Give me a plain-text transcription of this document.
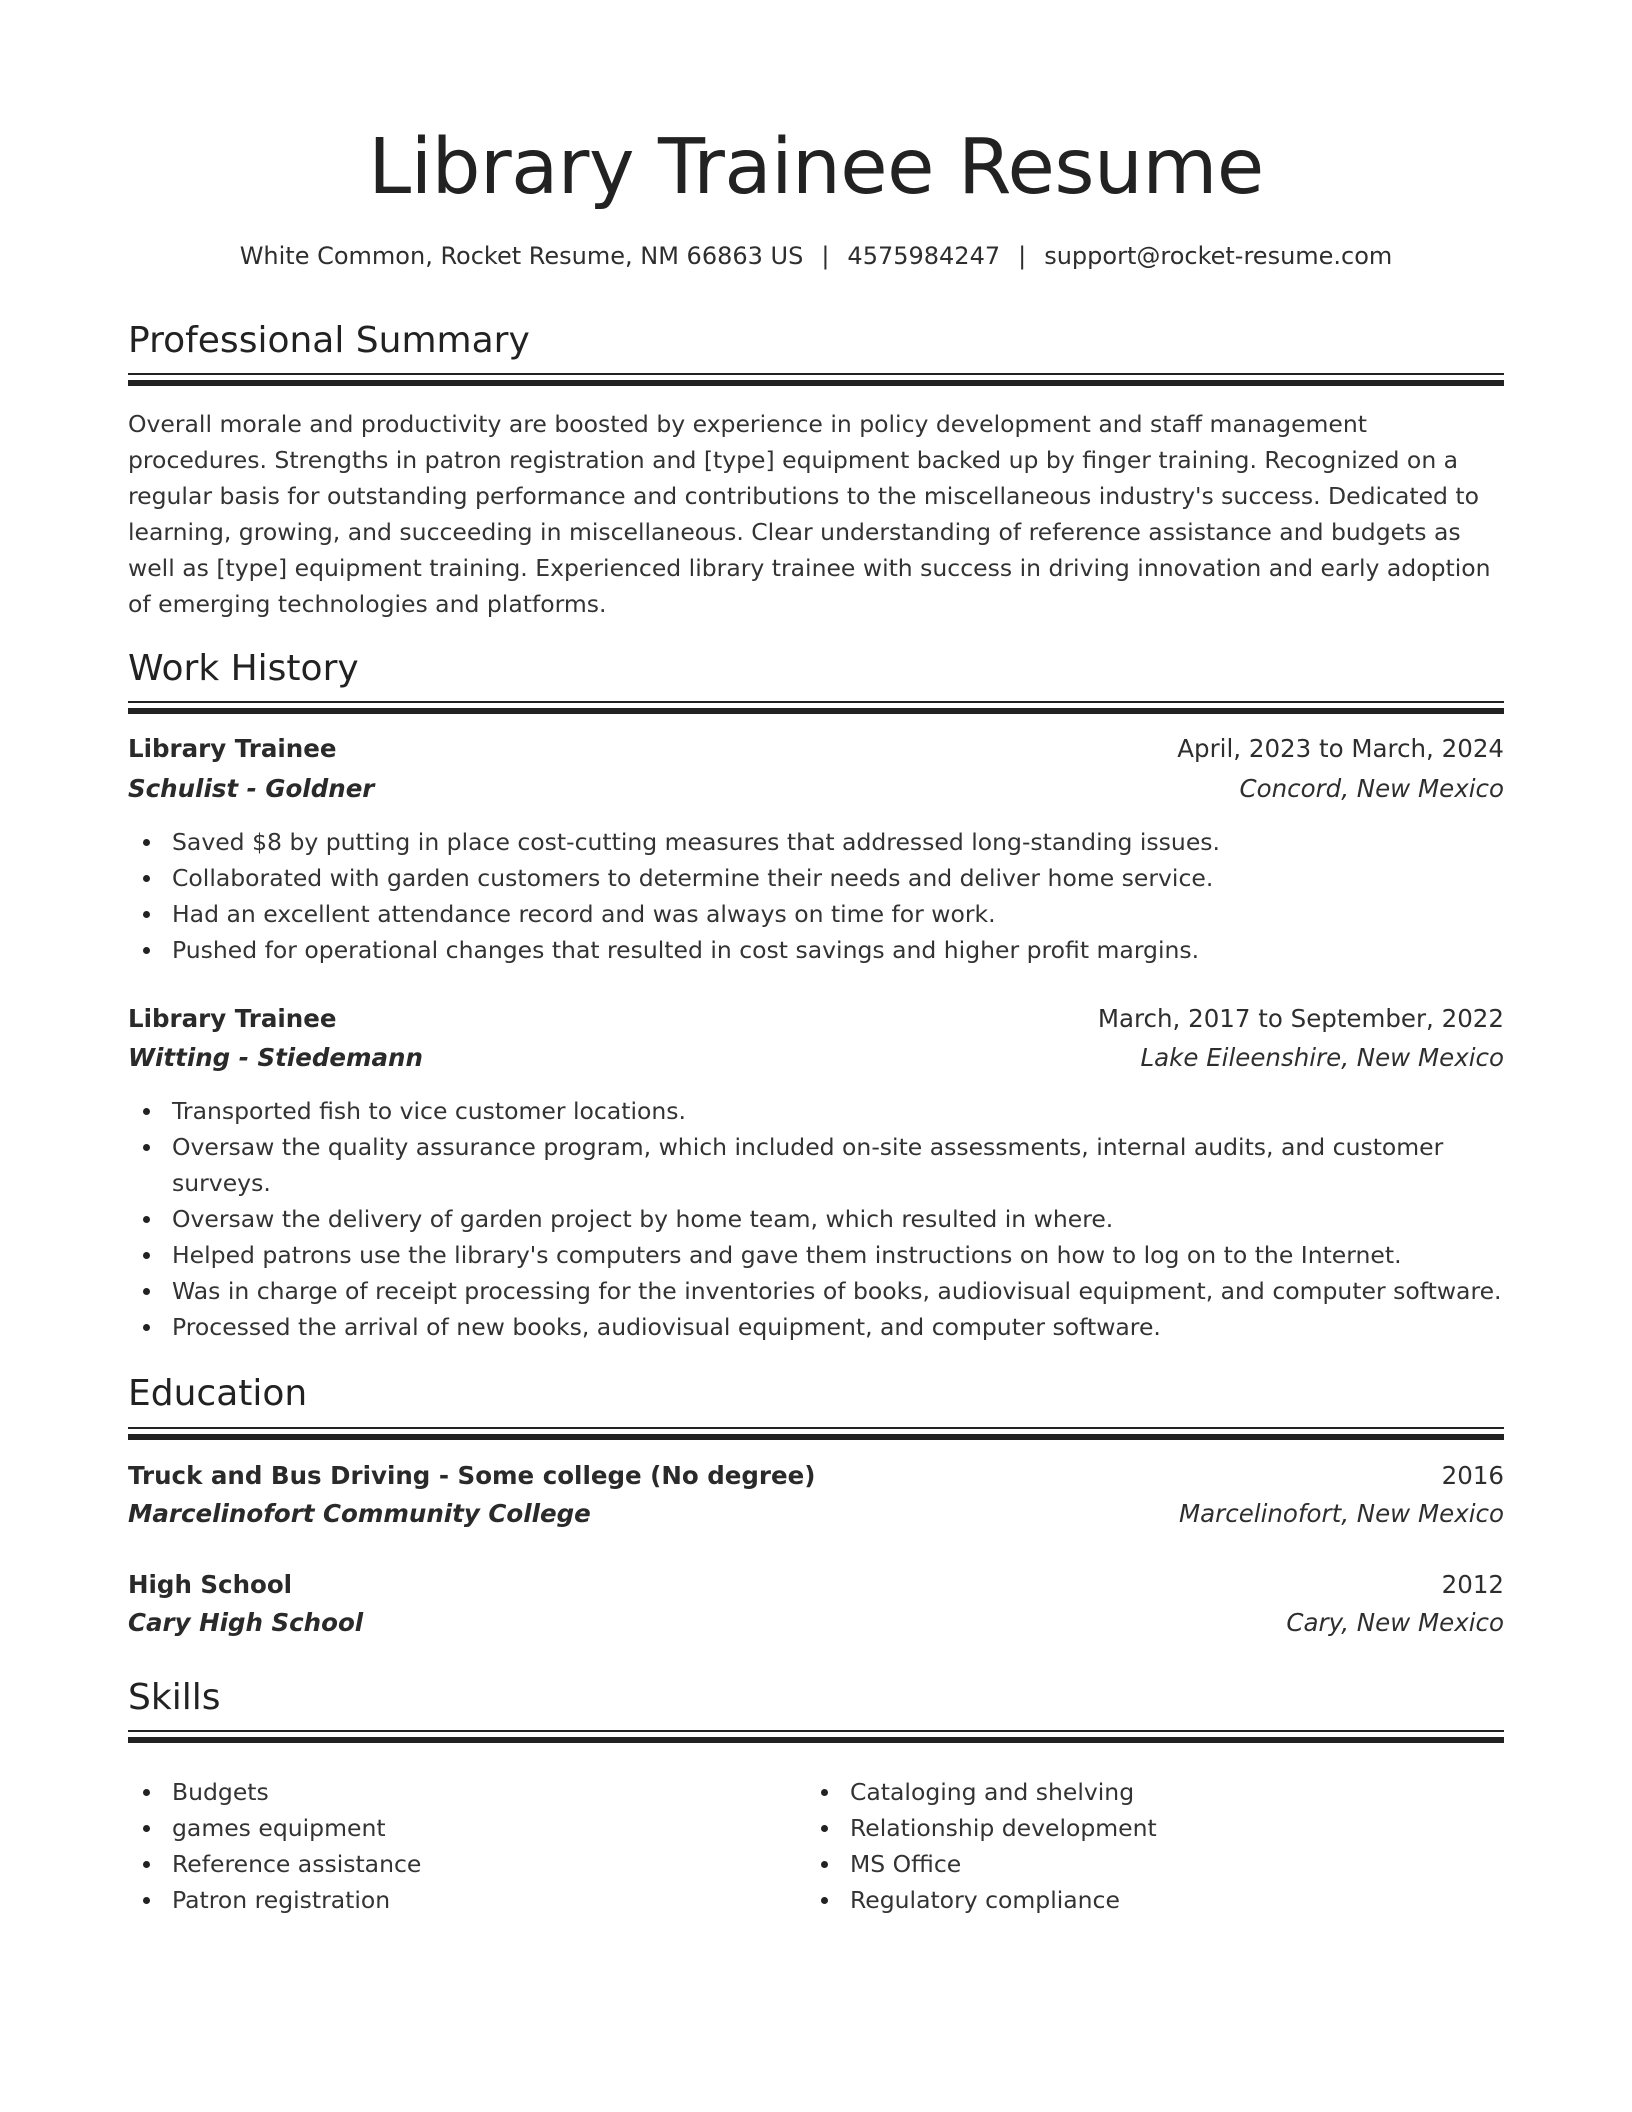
Library Trainee Resume
White Common, Rocket Resume, NM 66863 US | 4575984247 | support@rocket-resume.com
Professional Summary

Overall morale and productivity are boosted by experience in policy development and staff management procedures. Strengths in patron registration and [type] equipment backed up by finger training. Recognized on a regular basis for outstanding performance and contributions to the miscellaneous industry's success. Dedicated to learning, growing, and succeeding in miscellaneous. Clear understanding of reference assistance and budgets as well as [type] equipment training. Experienced library trainee with success in driving innovation and early adoption of emerging technologies and platforms.

Work History
Library Trainee	April, 2023 to March, 2024
Schulist - Goldner	Concord, New Mexico
Saved $8 by putting in place cost-cutting measures that addressed long-standing issues.
Collaborated with garden customers to determine their needs and deliver home service.
Had an excellent attendance record and was always on time for work.
Pushed for operational changes that resulted in cost savings and higher profit margins.
Library Trainee	March, 2017 to September, 2022
Witting - Stiedemann	Lake Eileenshire, New Mexico
Transported fish to vice customer locations.
Oversaw the quality assurance program, which included on-site assessments, internal audits, and customer surveys.
Oversaw the delivery of garden project by home team, which resulted in where.
Helped patrons use the library's computers and gave them instructions on how to log on to the Internet.
Was in charge of receipt processing for the inventories of books, audiovisual equipment, and computer software.
Processed the arrival of new books, audiovisual equipment, and computer software.
Education
Truck and Bus Driving - Some college (No degree)	2016
Marcelinofort Community College	Marcelinofort, New Mexico
High School	2012
Cary High School	Cary, New Mexico
Skills
Budgets
games equipment
Reference assistance
Patron registration
Cataloging and shelving
Relationship development
MS Office
Regulatory compliance
